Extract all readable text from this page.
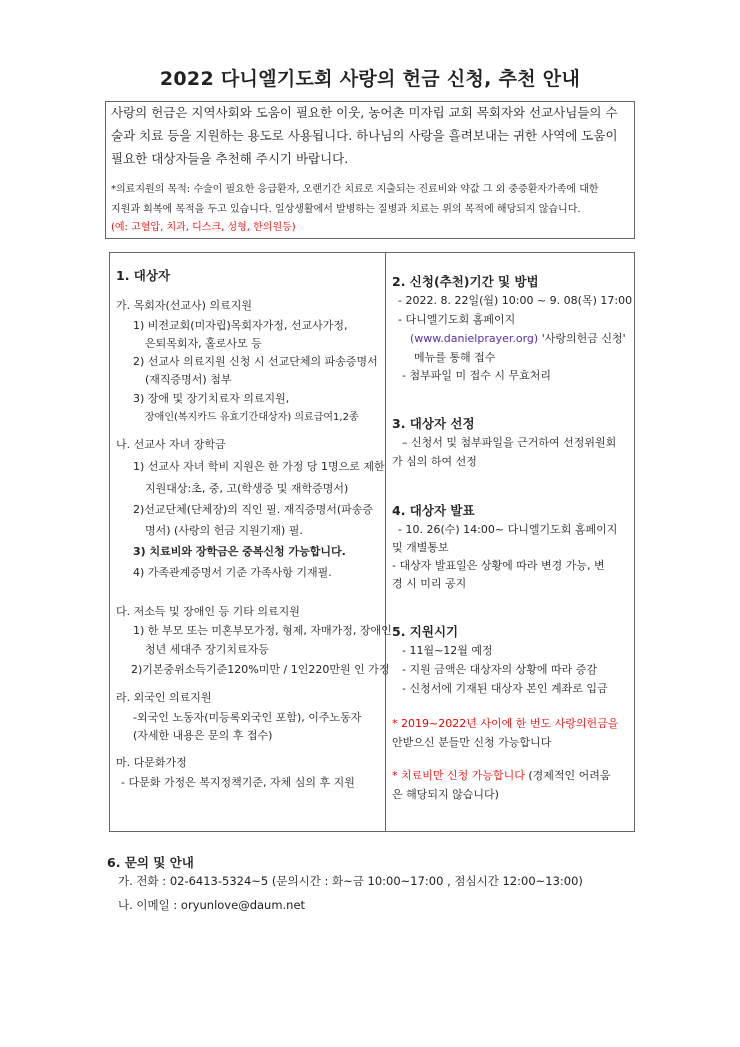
2022 다니엘기도회 사랑의 헌금 신청, 추천 안내

사랑의 헌금은 지역사회와 도움이 필요한 이웃, 농어촌 미자립 교회 목회자와 선교사님들의 수

술과 치료 등을 지원하는 용도로 사용됩니다. 하나님의 사랑을 흘려보내는 귀한 사역에 도움이

필요한 대상자들을 추천해 주시기 바랍니다.

*의료지원의 목적: 수술이 필요한 응급환자, 오랜기간 치료로 지출되는 진료비와 약값 그 외 중증환자가족에 대한

지원과 회복에 목적을 두고 있습니다. 일상생활에서 발병하는 질병과 치료는 위의 목적에 해당되지 않습니다.

(예: 고혈압, 치과, 디스크, 성형, 한의원등)

1. 대상자

가. 목회자(선교사) 의료지원

1) 비전교회(미자립)목회자가정, 선교사가정,

은퇴목회자, 홀로사모 등

2) 선교사 의료지원 신청 시 선교단체의 파송증명서

(재직증명서) 첨부

3) 장애 및 장기치료자 의료지원,

장애인(복지카드 유효기간대상자) 의료급여1,2종

나. 선교사 자녀 장학금

1) 선교사 자녀 학비 지원은 한 가정 당 1명으로 제한

지원대상:초, 중, 고(학생증 및 재학증명서)

2)선교단체(단체장)의 직인 필. 재직증명서(파송증

명서) (사랑의 헌금 지원기재) 필.

3) 치료비와 장학금은 중복신청 가능합니다.

4) 가족관계증명서 기준 가족사항 기재필.

다. 저소득 및 장애인 등 기타 의료지원

1) 한 부모 또는 미혼부모가정, 형제, 자매가정, 장애인

청년 세대주 장기치료자등

2)기본중위소득기준120%미만 / 1인220만원 인 가정

라. 외국인 의료지원

-외국인 노동자(미등록외국인 포함), 이주노동자

(자세한 내용은 문의 후 접수)

마. 다문화가정

- 다문화 가정은 복지정책기준, 자체 심의 후 지원

2. 신청(추천)기간 및 방법

- 2022. 8. 22일(월) 10:00 ~ 9. 08(목) 17:00

- 다니엘기도회 홈페이지

(www.danielprayer.org) '사랑의헌금 신청'

메뉴를 통해 접수

- 첨부파일 미 접수 시 무효처리

3. 대상자 선정

– 신청서 및 첨부파일을 근거하여 선정위원회

가 심의 하여 선정

4. 대상자 발표

- 10. 26(수) 14:00~ 다니엘기도회 홈페이지

및 개별통보

- 대상자 발표일은 상황에 따라 변경 가능, 변

경 시 미리 공지

5. 지원시기

- 11월~12월 예정

- 지원 금액은 대상자의 상황에 따라 증감

- 신청서에 기재된 대상자 본인 계좌로 입금

* 2019~2022년 사이에 한 번도 사랑의헌금을

안받으신 분들만 신청 가능합니다

* 치료비만 신청 가능합니다 (경제적인 어려움

은 해당되지 않습니다)

6. 문의 및 안내

가. 전화 : 02-6413-5324~5 (문의시간 : 화~금 10:00~17:00 , 점심시간 12:00~13:00)

나. 이메일 : oryunlove@daum.net
